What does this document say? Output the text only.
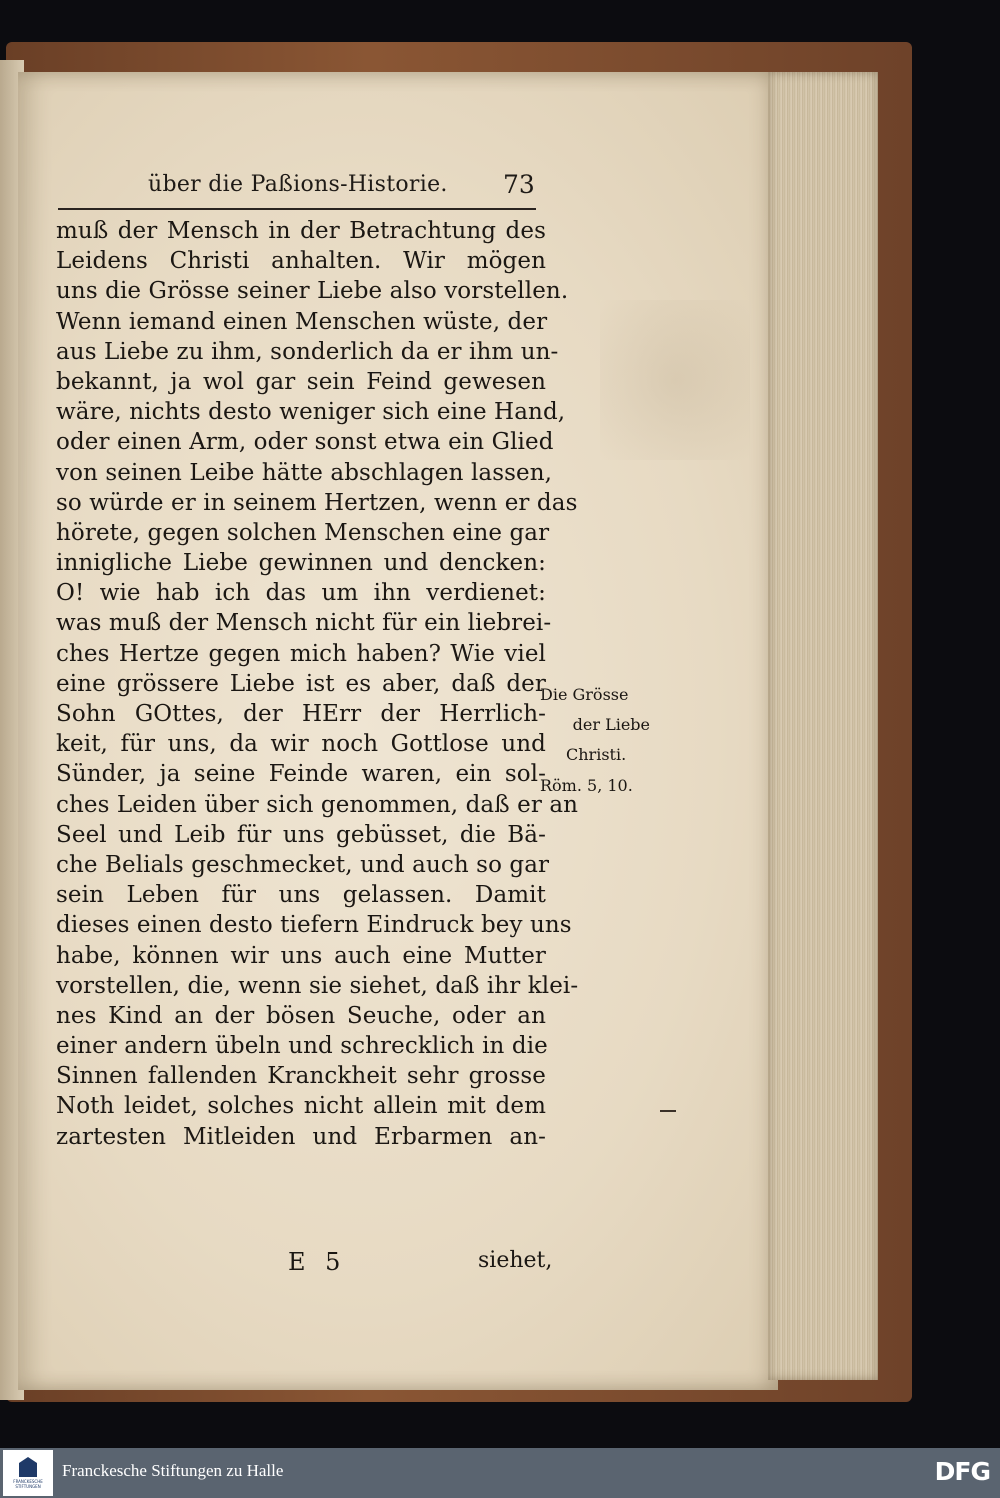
über die Paßions-Historie. 73
muß der Mensch in der Betrachtung des
Leidens Christi anhalten. Wir mögen
uns die Grösse seiner Liebe also vorstellen.
Wenn iemand einen Menschen wüste, der
aus Liebe zu ihm, sonderlich da er ihm un-
bekannt, ja wol gar sein Feind gewesen
wäre, nichts desto weniger sich eine Hand,
oder einen Arm, oder sonst etwa ein Glied
von seinen Leibe hätte abschlagen lassen,
so würde er in seinem Hertzen, wenn er das
hörete, gegen solchen Menschen eine gar
innigliche Liebe gewinnen und dencken:
O! wie hab ich das um ihn verdienet:
was muß der Mensch nicht für ein liebrei-
ches Hertze gegen mich haben? Wie viel
eine grössere Liebe ist es aber, daß der
Sohn GOttes, der HErr der Herrlich-
keit, für uns, da wir noch Gottlose und
Sünder, ja seine Feinde waren, ein sol-
ches Leiden über sich genommen, daß er an
Seel und Leib für uns gebüsset, die Bä-
che Belials geschmecket, und auch so gar
sein Leben für uns gelassen. Damit
dieses einen desto tiefern Eindruck bey uns
habe, können wir uns auch eine Mutter
vorstellen, die, wenn sie siehet, daß ihr klei-
nes Kind an der bösen Seuche, oder an
einer andern übeln und schrecklich in die
Sinnen fallenden Kranckheit sehr grosse
Noth leidet, solches nicht allein mit dem
zartesten Mitleiden und Erbarmen an-
Die Grösse
der Liebe
Christi.
Röm. 5, 10.
E 5	siehet,
FRANCKESCHE STIFTUNGEN
Franckesche Stiftungen zu Halle	DFG
